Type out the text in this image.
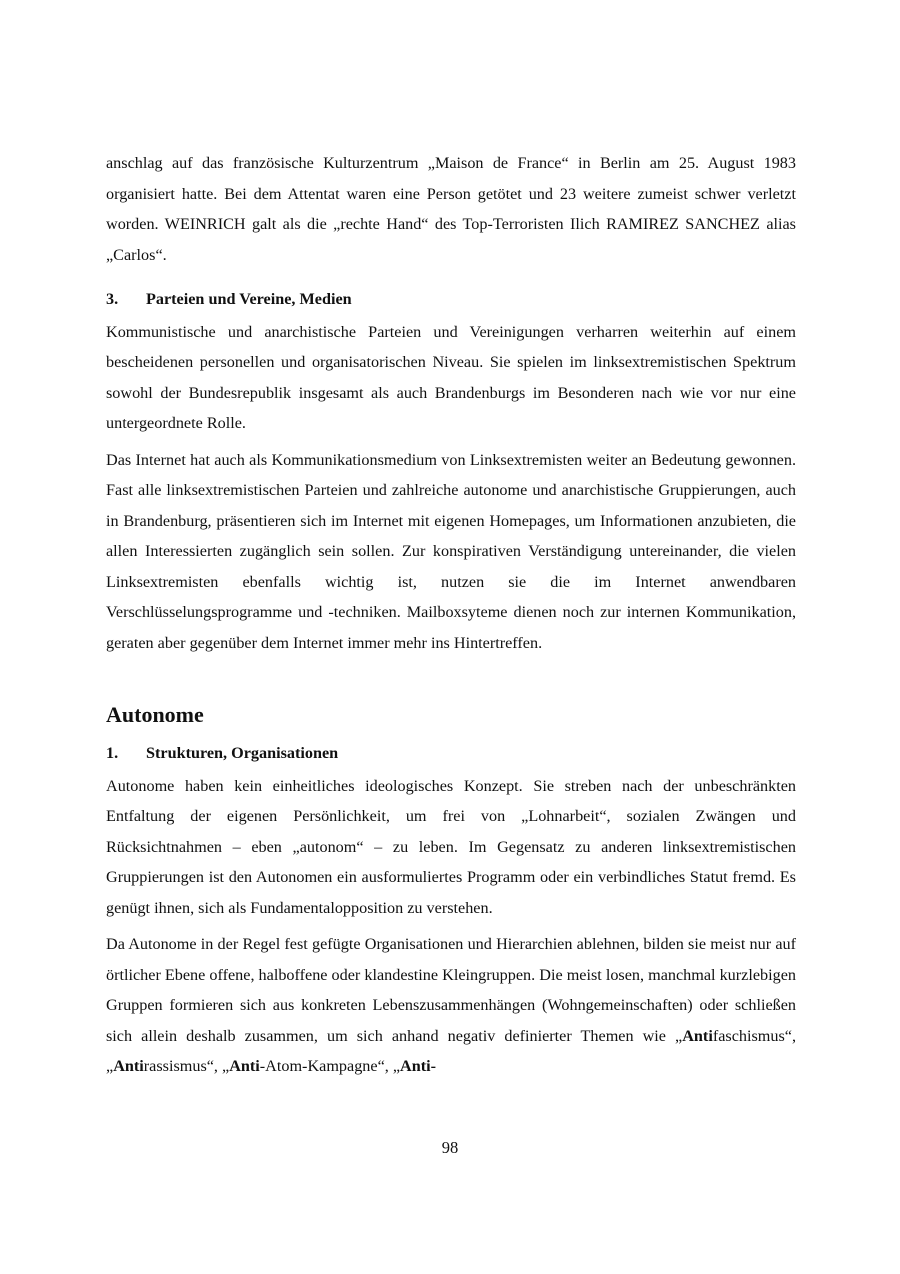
anschlag auf das französische Kulturzentrum „Maison de France“ in Berlin am 25. August 1983 organisiert hatte. Bei dem Attentat waren eine Person getötet und 23 weitere zumeist schwer verletzt worden. WEINRICH galt als die „rechte Hand“ des Top-Terroristen Ilich RAMIREZ SANCHEZ alias „Carlos“.

3.	Parteien und Vereine, Medien

Kommunistische und anarchistische Parteien und Vereinigungen verharren weiterhin auf einem bescheidenen personellen und organisatorischen Niveau. Sie spielen im linksextremistischen Spektrum sowohl der Bundesrepublik insgesamt als auch Brandenburgs im Besonderen nach wie vor nur eine untergeordnete Rolle.

Das Internet hat auch als Kommunikationsmedium von Linksextremisten weiter an Bedeutung gewonnen. Fast alle linksextremistischen Parteien und zahlreiche autonome und anarchistische Gruppierungen, auch in Brandenburg, präsentieren sich im Internet mit eigenen Homepages, um Informationen anzubieten, die allen Interessierten zugänglich sein sollen. Zur konspirativen Verständigung untereinander, die vielen Linksextremisten ebenfalls wichtig ist, nutzen sie die im Internet anwendbaren Verschlüsselungsprogramme und -techniken. Mailboxsyteme dienen noch zur internen Kommunikation, geraten aber gegenüber dem Internet immer mehr ins Hintertreffen.

Autonome
1.	Strukturen, Organisationen

Autonome haben kein einheitliches ideologisches Konzept. Sie streben nach der unbeschränkten Entfaltung der eigenen Persönlichkeit, um frei von „Lohnarbeit“, sozialen Zwängen und Rücksichtnahmen – eben „autonom“ – zu leben. Im Gegensatz zu anderen linksextremistischen Gruppierungen ist den Autonomen ein ausformuliertes Programm oder ein verbindliches Statut fremd. Es genügt ihnen, sich als Fundamentalopposition zu verstehen.

Da Autonome in der Regel fest gefügte Organisationen und Hierarchien ablehnen, bilden sie meist nur auf örtlicher Ebene offene, halboffene oder klandestine Kleingruppen. Die meist losen, manchmal kurzlebigen Gruppen formieren sich aus konkreten Lebenszusammenhängen (Wohngemeinschaften) oder schließen sich allein deshalb zusammen, um sich anhand negativ definierter Themen wie „Antifaschismus“, „Antirassismus“, „Anti-Atom-Kampagne“, „Anti-

98
